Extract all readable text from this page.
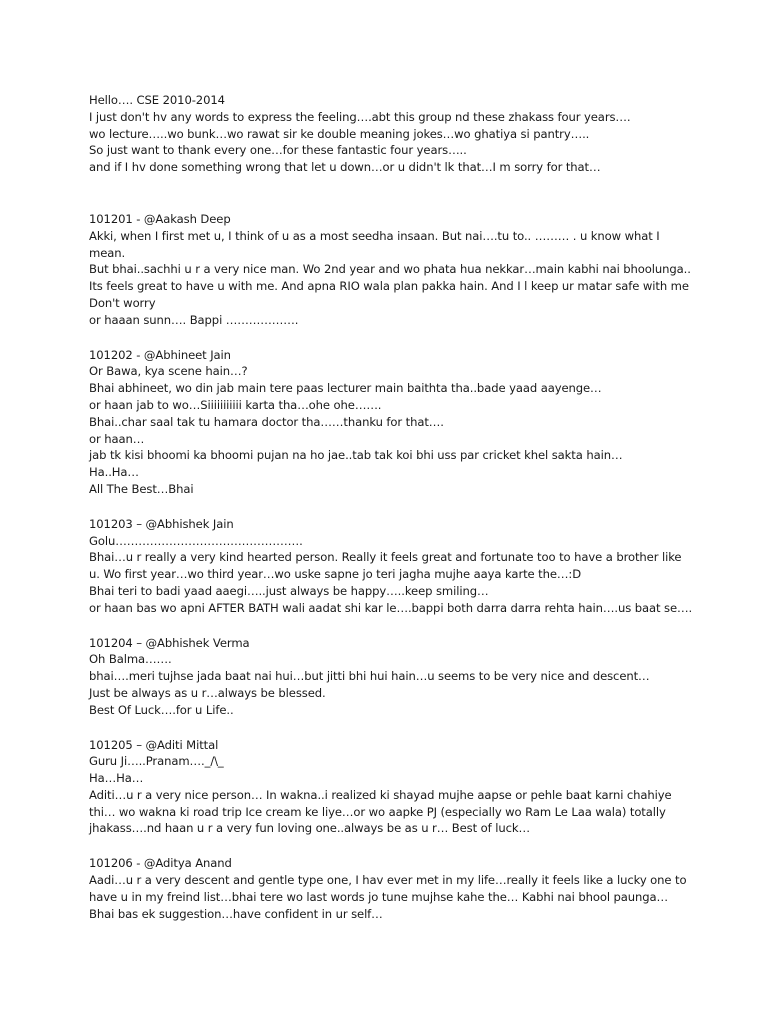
Hello…. CSE 2010-2014
I just don't hv any words to express the feeling….abt this group nd these zhakass four years….
wo lecture…..wo bunk…wo rawat sir ke double meaning jokes…wo ghatiya si pantry…..
So just want to thank every one…for these fantastic four years…..
and if I hv done something wrong that let u down…or u didn't lk that…I m sorry for that…
101201 - @Aakash Deep
Akki, when I first met u, I think of u as a most seedha insaan. But nai….tu to.. ……… . u know what I mean.
But bhai..sachhi u r a very nice man. Wo 2nd year and wo phata hua nekkar…main kabhi nai bhoolunga..
Its feels great to have u with me. And apna RIO wala plan pakka hain. And I l keep ur matar safe with me Don't worry
or haaan sunn…. Bappi ……………….
101202 - @Abhineet Jain
Or Bawa, kya scene hain…?
Bhai abhineet, wo din jab main tere paas lecturer main baithta tha..bade yaad aayenge…
or haan jab to wo…Siiiiiiiiiii karta tha…ohe ohe…….
Bhai..char saal tak tu hamara doctor tha……thanku for that….
or haan…
jab tk kisi bhoomi ka bhoomi pujan na ho jae..tab tak koi bhi uss par cricket khel sakta hain…
Ha..Ha…
All The Best…Bhai
101203 – @Abhishek Jain
Golu………………………………………….
Bhai…u r really a very kind hearted person. Really it feels great and fortunate too to have a brother like u. Wo first year…wo third year…wo uske sapne jo teri jagha mujhe aaya karte the…:D
Bhai teri to badi yaad aaegi…..just always be happy…..keep smiling…
or haan bas wo apni AFTER BATH wali aadat shi kar le….bappi both darra darra rehta hain….us baat se….
101204 – @Abhishek Verma
Oh Balma…….
bhai….meri tujhse jada baat nai hui…but jitti bhi hui hain…u seems to be very nice and descent…
Just be always as u r…always be blessed.
Best Of Luck….for u Life..
101205 – @Aditi Mittal
Guru Ji…..Pranam…._/\_
Ha…Ha…
Aditi…u r a very nice person… In wakna..i realized ki shayad mujhe aapse or pehle baat karni chahiye thi… wo wakna ki road trip Ice cream ke liye…or wo aapke PJ (especially wo Ram Le Laa wala) totally jhakass….nd haan u r a very fun loving one..always be as u r… Best of luck…
101206 - @Aditya Anand
Aadi…u r a very descent and gentle type one, I hav ever met in my life…really it feels like a lucky one to have u in my freind list…bhai tere wo last words jo tune mujhse kahe the… Kabhi nai bhool paunga…
Bhai bas ek suggestion…have confident in ur self…
